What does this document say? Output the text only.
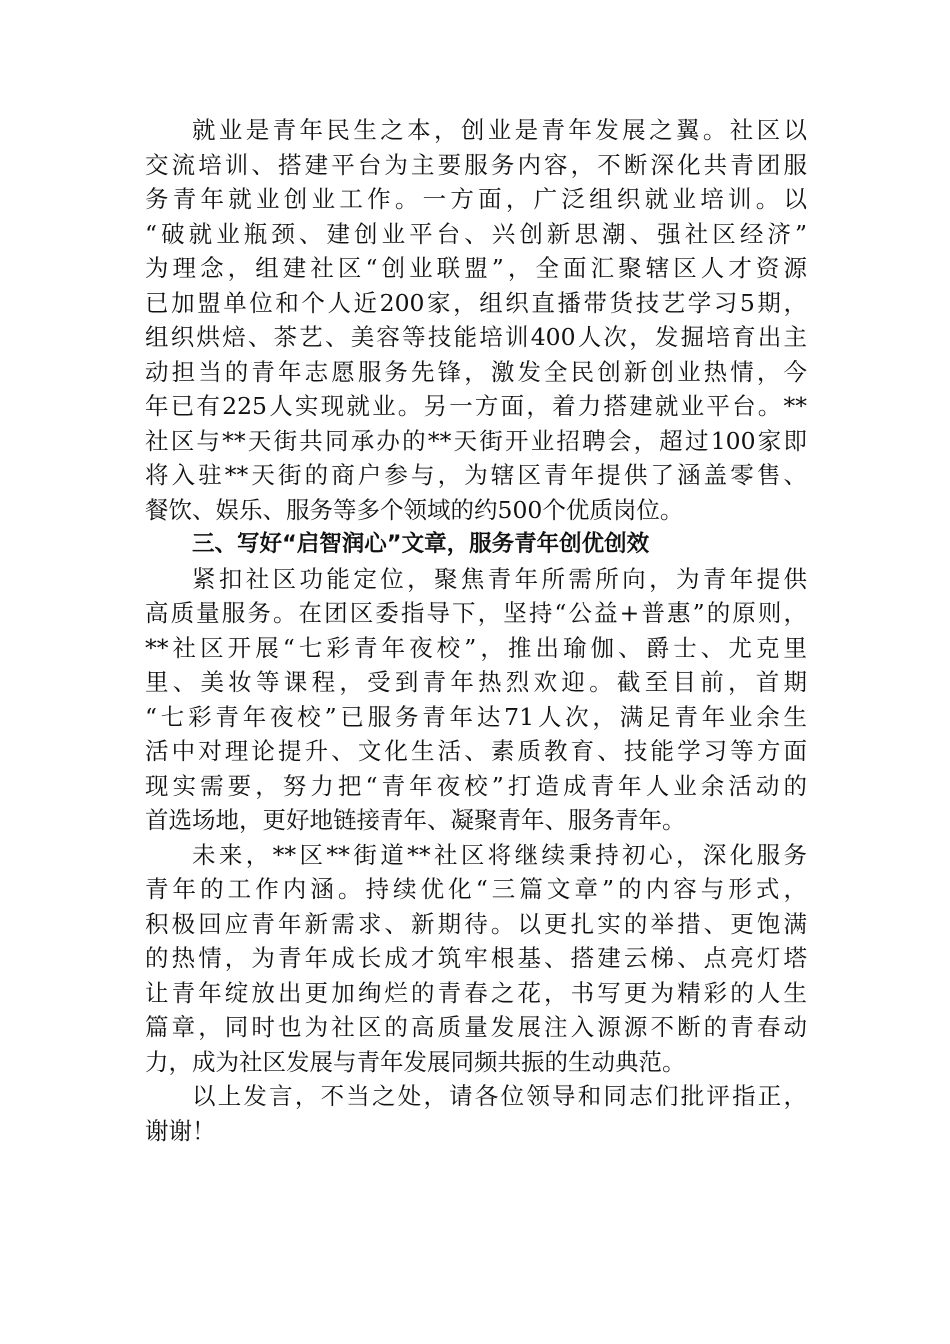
就业是青年民生之本，创业是青年发展之翼。社区以
交流培训、搭建平台为主要服务内容，不断深化共青团服
务青年就业创业工作。一方面，广泛组织就业培训。以
“破就业瓶颈、建创业平台、兴创新思潮、强社区经济”
为理念，组建社区“创业联盟”，全面汇聚辖区人才资源
已加盟单位和个人近200家，组织直播带货技艺学习5期，
组织烘焙、茶艺、美容等技能培训400人次，发掘培育出主
动担当的青年志愿服务先锋，激发全民创新创业热情，今
年已有225人实现就业。另一方面，着力搭建就业平台。**
社区与**天街共同承办的**天街开业招聘会，超过100家即
将入驻**天街的商户参与，为辖区青年提供了涵盖零售、
餐饮、娱乐、服务等多个领域的约500个优质岗位。
三、写好“启智润心”文章，服务青年创优创效
紧扣社区功能定位，聚焦青年所需所向，为青年提供
高质量服务。在团区委指导下，坚持“公益+普惠”的原则，
**社区开展“七彩青年夜校”，推出瑜伽、爵士、尤克里
里、美妆等课程，受到青年热烈欢迎。截至目前，首期
“七彩青年夜校”已服务青年达71人次，满足青年业余生
活中对理论提升、文化生活、素质教育、技能学习等方面
现实需要，努力把“青年夜校”打造成青年人业余活动的
首选场地，更好地链接青年、凝聚青年、服务青年。
未来，**区**街道**社区将继续秉持初心，深化服务
青年的工作内涵。持续优化“三篇文章”的内容与形式，
积极回应青年新需求、新期待。以更扎实的举措、更饱满
的热情，为青年成长成才筑牢根基、搭建云梯、点亮灯塔
让青年绽放出更加绚烂的青春之花，书写更为精彩的人生
篇章，同时也为社区的高质量发展注入源源不断的青春动
力，成为社区发展与青年发展同频共振的生动典范。
以上发言，不当之处，请各位领导和同志们批评指正，
谢谢！
